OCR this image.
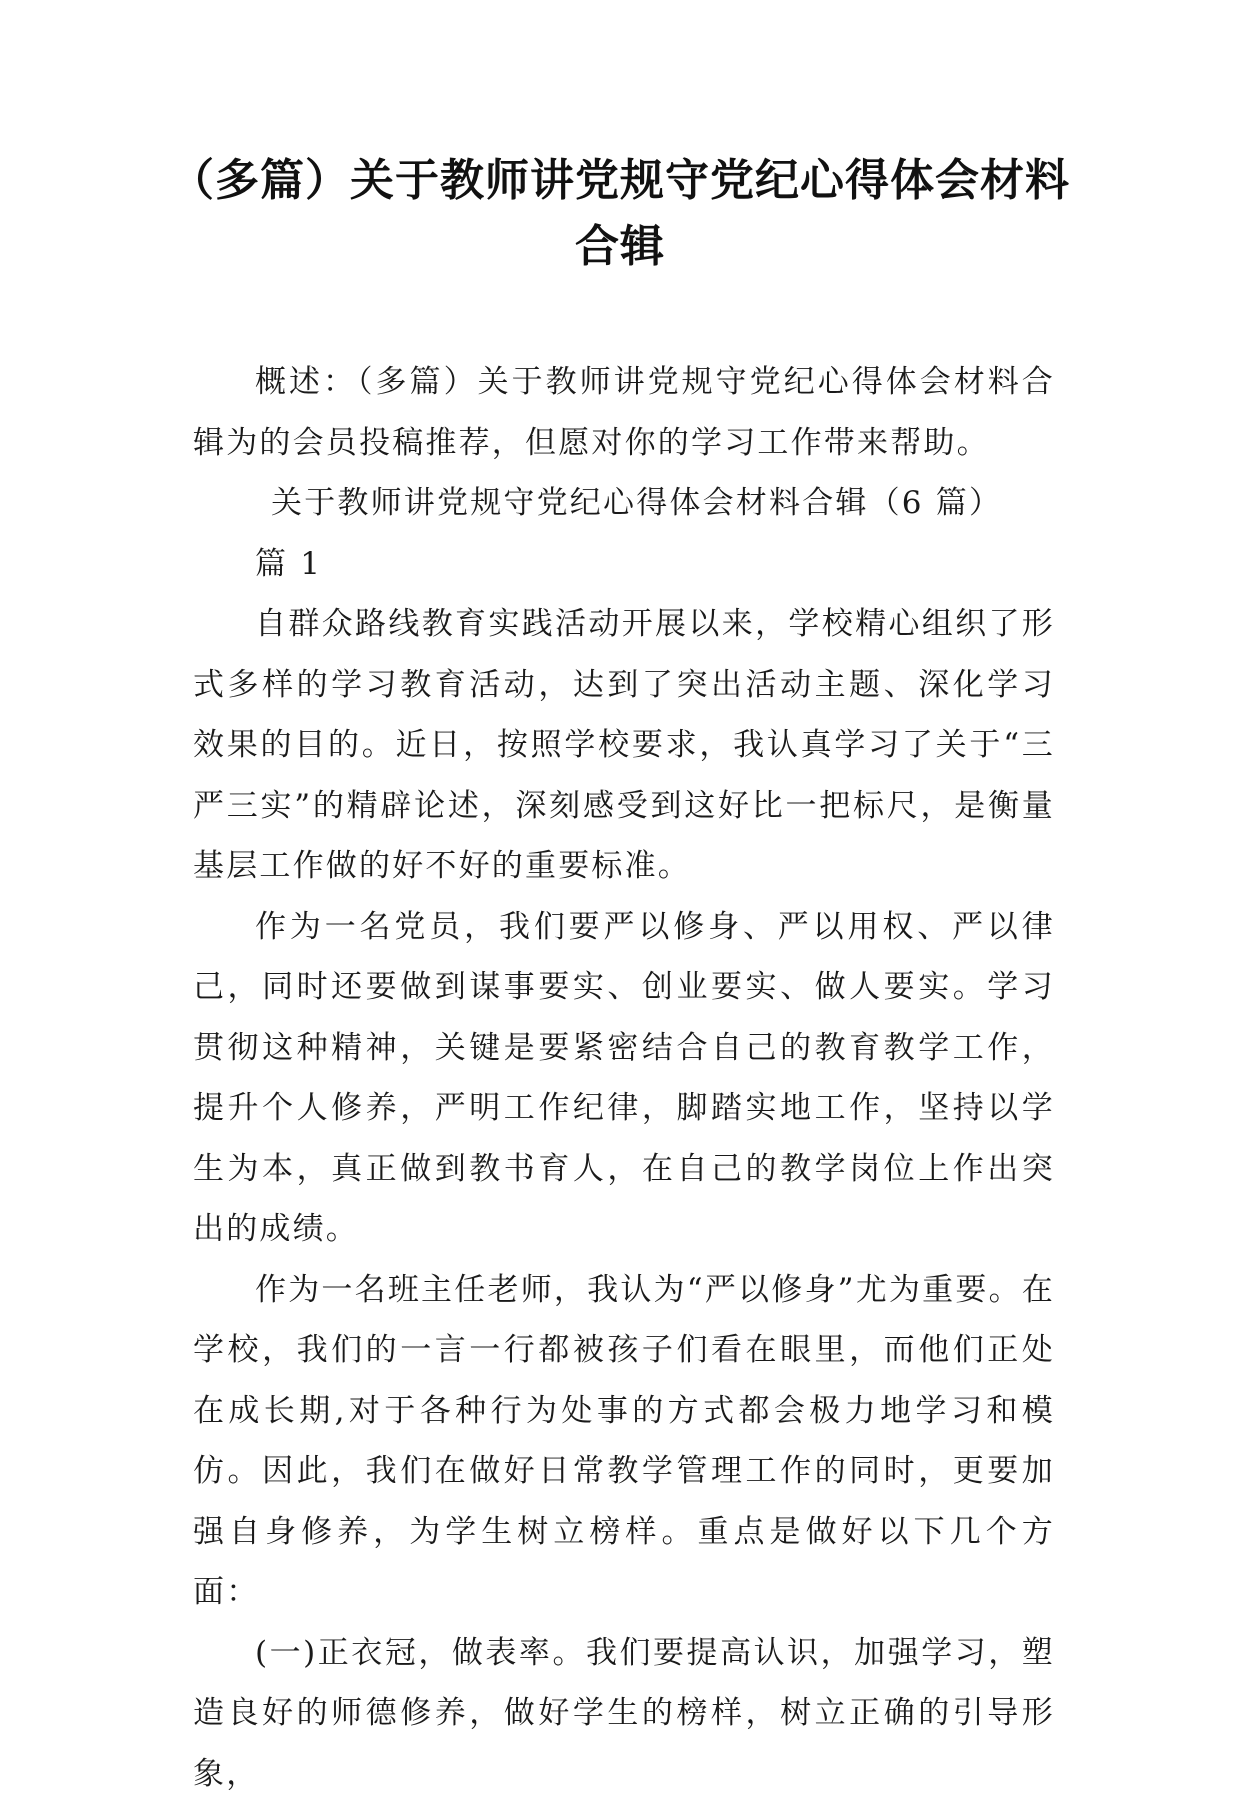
（多篇）关于教师讲党规守党纪心得体会材料合辑

概述：（多篇）关于教师讲党规守党纪心得体会材料合辑为的会员投稿推荐，但愿对你的学习工作带来帮助。

关于教师讲党规守党纪心得体会材料合辑（6 篇）

篇 1

自群众路线教育实践活动开展以来，学校精心组织了形式多样的学习教育活动，达到了突出活动主题、深化学习效果的目的。近日，按照学校要求，我认真学习了关于“三严三实”的精辟论述，深刻感受到这好比一把标尺，是衡量基层工作做的好不好的重要标准。

作为一名党员，我们要严以修身、严以用权、严以律己，同时还要做到谋事要实、创业要实、做人要实。学习贯彻这种精神，关键是要紧密结合自己的教育教学工作，提升个人修养，严明工作纪律，脚踏实地工作，坚持以学生为本，真正做到教书育人，在自己的教学岗位上作出突出的成绩。

作为一名班主任老师，我认为“严以修身”尤为重要。在学校，我们的一言一行都被孩子们看在眼里，而他们正处在成长期,对于各种行为处事的方式都会极力地学习和模仿。因此，我们在做好日常教学管理工作的同时，更要加强自身修养，为学生树立榜样。重点是做好以下几个方面：

(一)正衣冠，做表率。我们要提高认识，加强学习，塑造良好的师德修养，做好学生的榜样，树立正确的引导形象，
